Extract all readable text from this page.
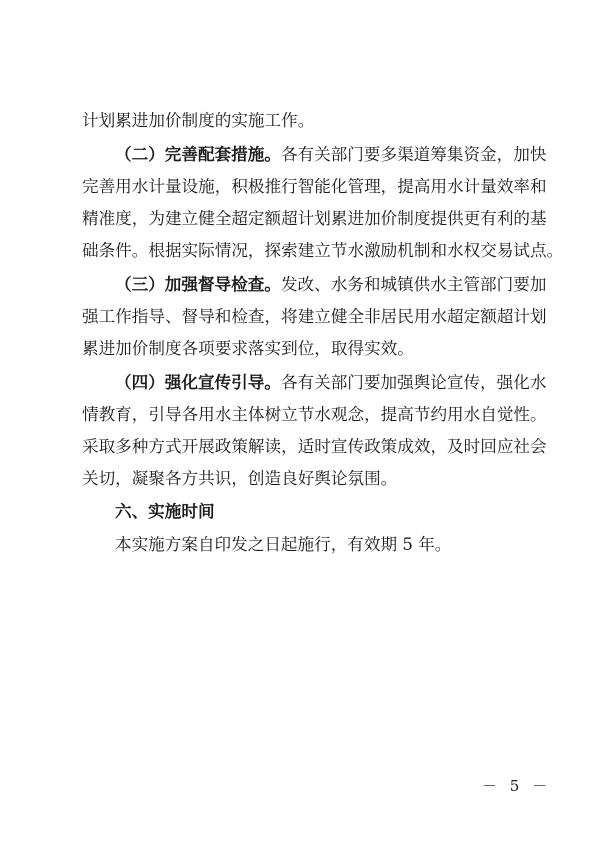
计划累进加价制度的实施工作。
（二）完善配套措施。各有关部门要多渠道筹集资金，加快
完善用水计量设施，积极推行智能化管理，提高用水计量效率和
精准度，为建立健全超定额超计划累进加价制度提供更有利的基
础条件。根据实际情况，探索建立节水激励机制和水权交易试点。
（三）加强督导检查。发改、水务和城镇供水主管部门要加
强工作指导、督导和检查，将建立健全非居民用水超定额超计划
累进加价制度各项要求落实到位，取得实效。
（四）强化宣传引导。各有关部门要加强舆论宣传，强化水
情教育，引导各用水主体树立节水观念，提高节约用水自觉性。
采取多种方式开展政策解读，适时宣传政策成效，及时回应社会
关切，凝聚各方共识，创造良好舆论氛围。
六、实施时间
本实施方案自印发之日起施行，有效期 5 年。
－ 5 －
